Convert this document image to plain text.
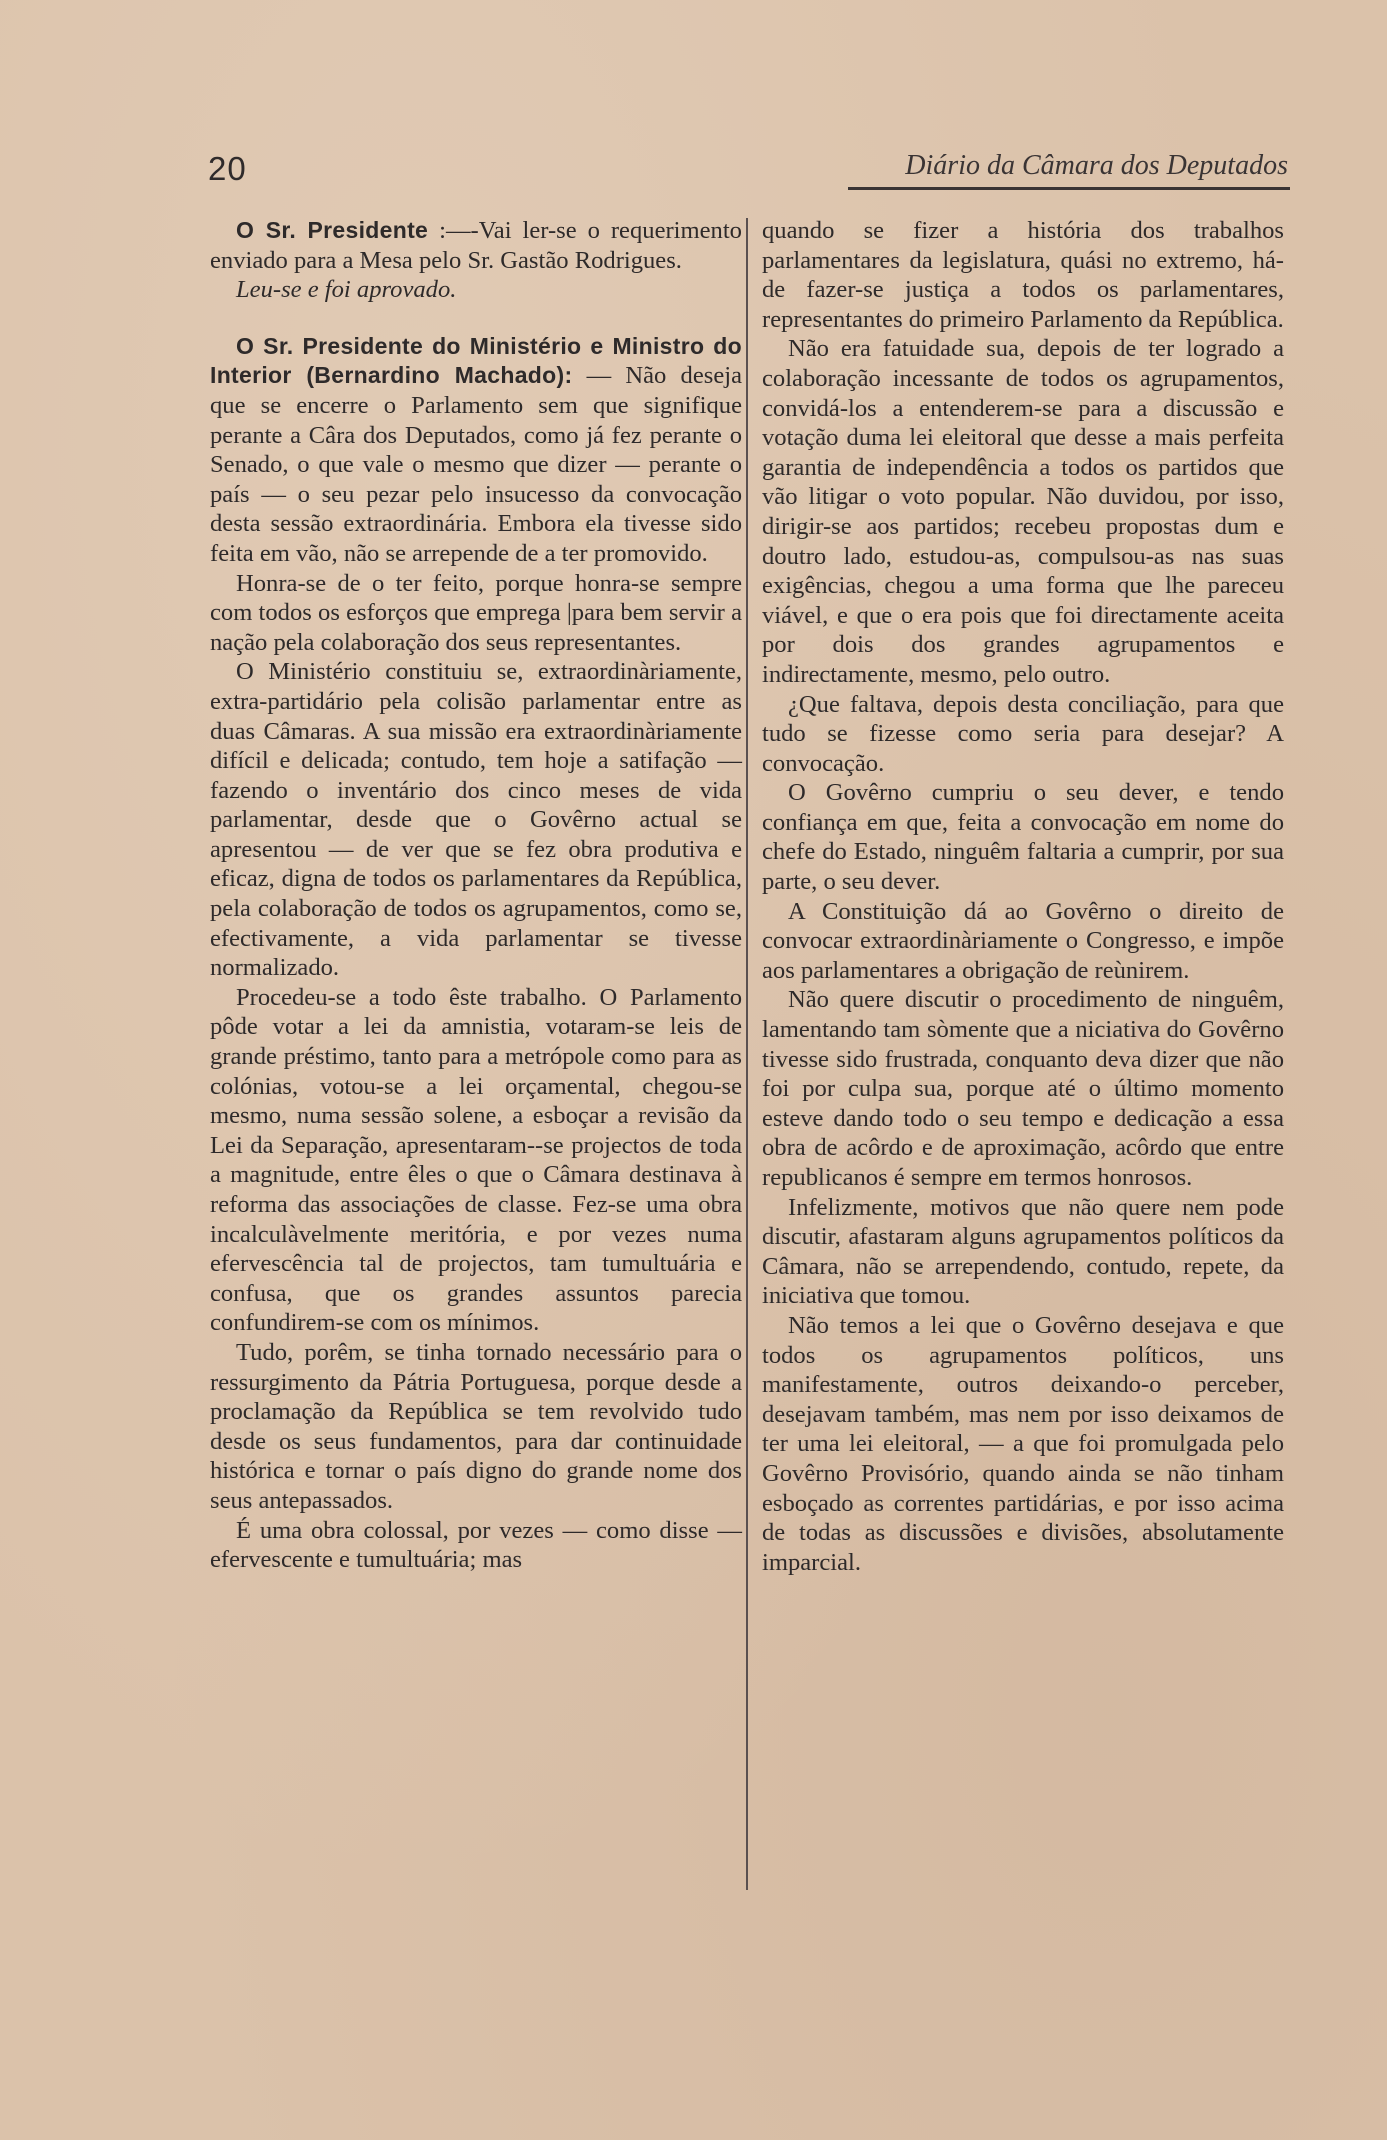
20	Diário da Câmara dos Deputados

O Sr. Presidente :—-Vai ler-se o requerimento enviado para a Mesa pelo Sr. Gastão Rodrigues.

Leu-se e foi aprovado.

O Sr. Presidente do Ministério e Ministro do Interior (Bernardino Machado): — Não deseja que se encerre o Parlamento sem que signifique perante a Câra dos Deputados, como já fez perante o Senado, o que vale o mesmo que dizer — perante o país — o seu pezar pelo insucesso da convocação desta sessão extraordinária. Embora ela tivesse sido feita em vão, não se arrepende de a ter promovido.

Honra-se de o ter feito, porque honra-se sempre com todos os esforços que emprega |para bem servir a nação pela colaboração dos seus representantes.

O Ministério constituiu se, extraordinàriamente, extra-partidário pela colisão parlamentar entre as duas Câmaras. A sua missão era extraordinàriamente difícil e delicada; contudo, tem hoje a satifação — fazendo o inventário dos cinco meses de vida parlamentar, desde que o Govêrno actual se apresentou — de ver que se fez obra produtiva e eficaz, digna de todos os parlamentares da República, pela colaboração de todos os agrupamentos, como se, efectivamente, a vida parlamentar se tivesse normalizado.

Procedeu-se a todo êste trabalho. O Parlamento pôde votar a lei da amnistia, votaram-se leis de grande préstimo, tanto para a metrópole como para as colónias, votou-se a lei orçamental, chegou-se mesmo, numa sessão solene, a esboçar a revisão da Lei da Separação, apresentaram--se projectos de toda a magnitude, entre êles o que o Câmara destinava à reforma das associações de classe. Fez-se uma obra incalculàvelmente meritória, e por vezes numa efervescência tal de projectos, tam tumultuária e confusa, que os grandes assuntos parecia confundirem-se com os mínimos.

Tudo, porêm, se tinha tornado necessário para o ressurgimento da Pátria Portuguesa, porque desde a proclamação da República se tem revolvido tudo desde os seus fundamentos, para dar continuidade histórica e tornar o país digno do grande nome dos seus antepassados.

É uma obra colossal, por vezes — como disse — efervescente e tumultuária; mas

quando se fizer a história dos trabalhos parlamentares da legislatura, quási no extremo, há-de fazer-se justiça a todos os parlamentares, representantes do primeiro Parlamento da República.

Não era fatuidade sua, depois de ter logrado a colaboração incessante de todos os agrupamentos, convidá-los a entenderem-se para a discussão e votação duma lei eleitoral que desse a mais perfeita garantia de independência a todos os partidos que vão litigar o voto popular. Não duvidou, por isso, dirigir-se aos partidos; recebeu propostas dum e doutro lado, estudou-as, compulsou-as nas suas exigências, chegou a uma forma que lhe pareceu viável, e que o era pois que foi directamente aceita por dois dos grandes agrupamentos e indirectamente, mesmo, pelo outro.

¿Que faltava, depois desta conciliação, para que tudo se fizesse como seria para desejar? A convocação.

O Govêrno cumpriu o seu dever, e tendo confiança em que, feita a convocação em nome do chefe do Estado, ninguêm faltaria a cumprir, por sua parte, o seu dever.

A Constituição dá ao Govêrno o direito de convocar extraordinàriamente o Congresso, e impõe aos parlamentares a obrigação de reùnirem.

Não quere discutir o procedimento de ninguêm, lamentando tam sòmente que a niciativa do Govêrno tivesse sido frustrada, conquanto deva dizer que não foi por culpa sua, porque até o último momento esteve dando todo o seu tempo e dedicação a essa obra de acôrdo e de aproximação, acôrdo que entre republicanos é sempre em termos honrosos.

Infelizmente, motivos que não quere nem pode discutir, afastaram alguns agrupamentos políticos da Câmara, não se arrependendo, contudo, repete, da iniciativa que tomou.

Não temos a lei que o Govêrno desejava e que todos os agrupamentos políticos, uns manifestamente, outros deixando-o perceber, desejavam também, mas nem por isso deixamos de ter uma lei eleitoral, — a que foi promulgada pelo Govêrno Provisório, quando ainda se não tinham esboçado as correntes partidárias, e por isso acima de todas as discussões e divisões, absolutamente imparcial.
